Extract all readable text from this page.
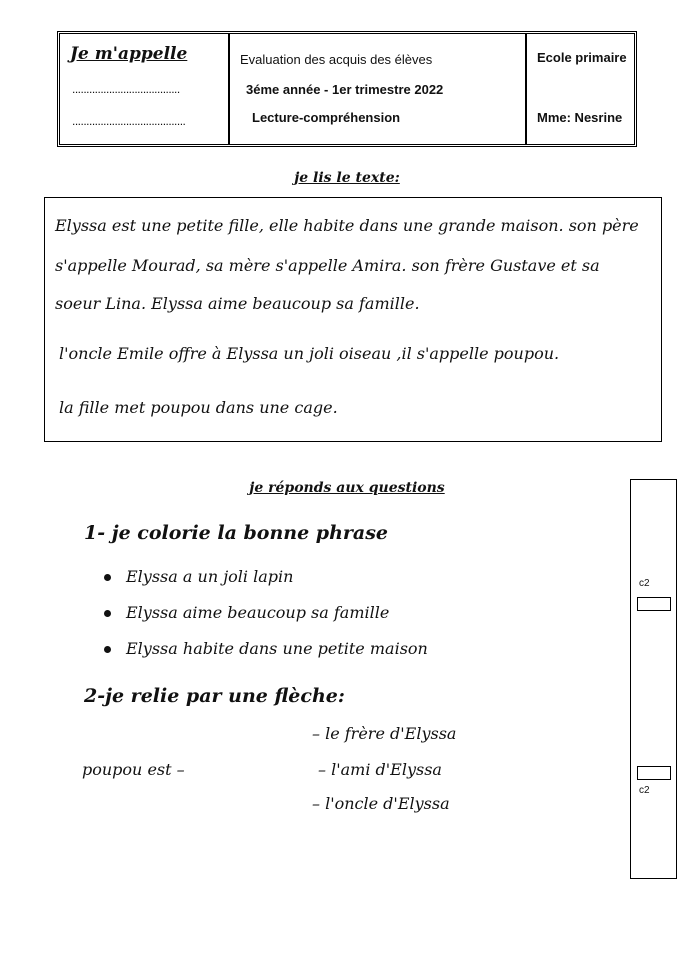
Je m'appelle
......................................
........................................
Evaluation des acquis des élèves
3éme année - 1er trimestre 2022
Lecture-compréhension
Ecole primaire
Mme: Nesrine
je lis le texte:
Elyssa est une petite fille, elle habite dans une grande maison. son père
s'appelle Mourad, sa mère s'appelle Amira. son frère Gustave et sa
soeur Lina. Elyssa aime beaucoup sa famille.
l'oncle Emile offre à Elyssa un joli oiseau ,il s'appelle poupou.
la fille met poupou dans une cage.
je réponds aux questions
1- je colorie la bonne phrase
Elyssa a un joli lapin
Elyssa aime beaucoup sa famille
Elyssa habite dans une petite maison
2-je relie par une flèche:
poupou est –
– le frère d'Elyssa
– l'ami d'Elyssa
– l'oncle d'Elyssa
c2
c2
